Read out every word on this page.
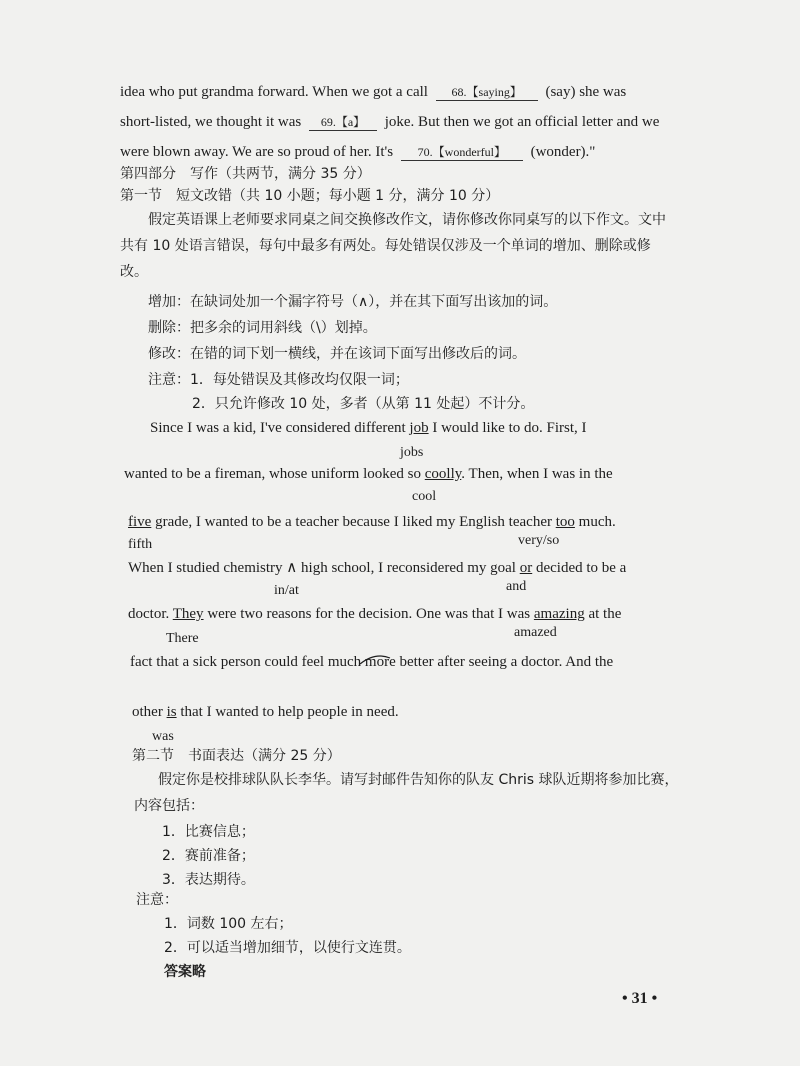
idea who put grandma forward. When we got a call 68.【saying】 (say) she was
short-listed, we thought it was 69.【a】 joke. But then we got an official letter and we
were blown away. We are so proud of her. It's 70.【wonderful】 (wonder)."
第四部分　写作（共两节，满分 35 分）
第一节　短文改错（共 10 小题；每小题 1 分，满分 10 分）
假定英语课上老师要求同桌之间交换修改作文，请你修改你同桌写的以下作文。文中
共有 10 处语言错误，每句中最多有两处。每处错误仅涉及一个单词的增加、删除或修
改。
增加：在缺词处加一个漏字符号（∧），并在其下面写出该加的词。
删除：把多余的词用斜线（\）划掉。
修改：在错的词下划一横线，并在该词下面写出修改后的词。
注意：1．每处错误及其修改均仅限一词；
2．只允许修改 10 处，多者（从第 11 处起）不计分。
Since I was a kid, I've considered different job I would like to do. First, I
jobs
wanted to be a fireman, whose uniform looked so coolly. Then, when I was in the
cool
five grade, I wanted to be a teacher because I liked my English teacher too much.
fifth	very/so
When I studied chemistry ∧ high school, I reconsidered my goal or decided to be a
in/at	and
doctor. They were two reasons for the decision. One was that I was amazing at the
There	amazed
fact that a sick person could feel much more better after seeing a doctor. And the
other is that I wanted to help people in need.
was
第二节　书面表达（满分 25 分）
假定你是校排球队队长李华。请写封邮件告知你的队友 Chris 球队近期将参加比赛，
内容包括：
1．比赛信息；
2．赛前准备；
3．表达期待。
注意：
1．词数 100 左右；
2．可以适当增加细节，以使行文连贯。
答案略
• 31 •
